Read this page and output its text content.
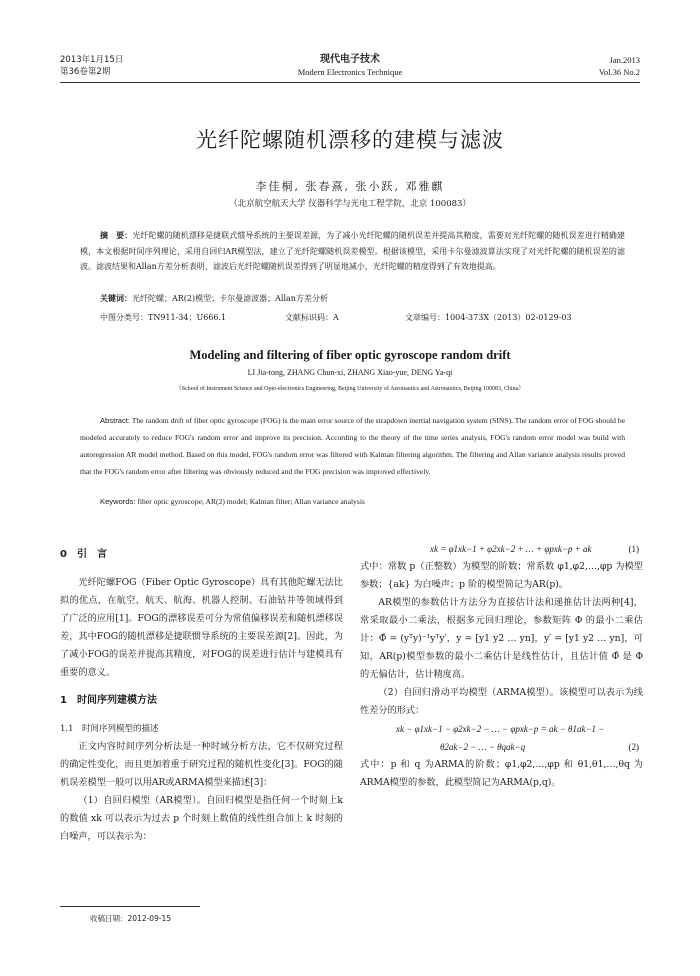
2013年1月15日
第36卷第2期
现代电子技术
Modern Electronics Technique
Jan.2013
Vol.36 No.2
光纤陀螺随机漂移的建模与滤波
李佳桐, 张春熹, 张小跃, 邓雅麒
（北京航空航天大学 仪器科学与光电工程学院，北京 100083）
摘　要：光纤陀螺的随机漂移是捷联式惯导系统的主要误差源，为了减小光纤陀螺的随机误差并提高其精度，需要对光纤陀螺的随机误差进行精确建模，本文根据时间序列理论，采用自回归AR模型法，建立了光纤陀螺随机误差模型。根据该模型，采用卡尔曼滤波算法实现了对光纤陀螺的随机误差的滤波。滤波结果和Allan方差分析表明，滤波后光纤陀螺随机误差得到了明显地减小，光纤陀螺的精度得到了有效地提高。
关键词：光纤陀螺；AR(2)模型；卡尔曼滤波器；Allan方差分析
中图分类号：TN911-34；U666.1	文献标识码：A	文章编号：1004-373X（2013）02-0129-03
Modeling and filtering of fiber optic gyroscope random drift
LI Jia-tong, ZHANG Chun-xi, ZHANG Xiao-yue, DENG Ya-qi
（School of Instrument Science and Opto-electronics Engineering, Beijing University of Aeronautics and Astronautics, Beijing 100083, China）
Abstract: The random drift of fiber optic gyroscope (FOG) is the main error source of the strapdown inertial navigation system (SINS). The random error of FOG should be modeled accurately to reduce FOG's random error and improve its precision. According to the theory of the time series analysis, FOG's random error model was build with autoregression AR model method. Based on this model, FOG's random error was filtered with Kalman filtering algorithm. The filtering and Allan variance analysis results proved that the FOG's random error after filtering was obviously reduced and the FOG precision was improved effectively.
Keywords: fiber optic gyroscope; AR(2) model; Kalman filter; Allan variance analysis

0　引　言

光纤陀螺FOG（Fiber Optic Gyroscope）具有其他陀螺无法比拟的优点，在航空、航天、航海、机器人控制、石油钻井等领域得到了广泛的应用[1]。FOG的漂移误差可分为常值偏移误差和随机漂移误差，其中FOG的随机漂移是捷联惯导系统的主要误差源[2]。因此，为了减小FOG的误差并提高其精度，对FOG的误差进行估计与建模具有重要的意义。

1　时间序列建模方法

1.1　时间序列模型的描述

正文内容时间序列分析法是一种时域分析方法，它不仅研究过程的确定性变化，而且更加着重于研究过程的随机性变化[3]。FOG的随机误差模型一般可以用AR或ARMA模型来描述[3]：

（1）自回归模型（AR模型）。自回归模型是指任何一个时刻上k的数值 xk 可以表示为过去 p 个时刻上数值的线性组合加上 k 时刻的白噪声，可以表示为：

xk = φ1xk−1 + φ2xk−2 + … + φpxk−p + ak	(1)

式中：常数 p（正整数）为模型的阶数；常系数 φ1,φ2,…,φp 为模型参数；{ak} 为白噪声；p 阶的模型简记为AR(p)。

AR模型的参数估计方法分为直接估计法和递推估计法两种[4]，常采取最小二乘法，根据多元回归理论，参数矩阵 Φ 的最小二乘估计：Φ̂ = (yᵀy)⁻¹yᵀy′，y = [y1 y2 … yn]，y′ = [y1 y2 … yn]，可知，AR(p)模型参数的最小二乘估计是线性估计，且估计值 Φ̂ 是 Φ 的无偏估计，估计精度高。

（2）自回归滑动平均模型（ARMA模型）。该模型可以表示为线性差分的形式：

xk − φ1xk−1 − φ2xk−2 − … − φpxk−p = ak − θ1ak−1 −

θ2ak−2 − … − θqak−q	(2)

式中：p 和 q 为ARMA的阶数；φ1,φ2,…,φp 和 θ1,θ1,…,θq 为ARMA模型的参数，此模型简记为ARMA(p,q)。

收稿日期：2012-09-15
